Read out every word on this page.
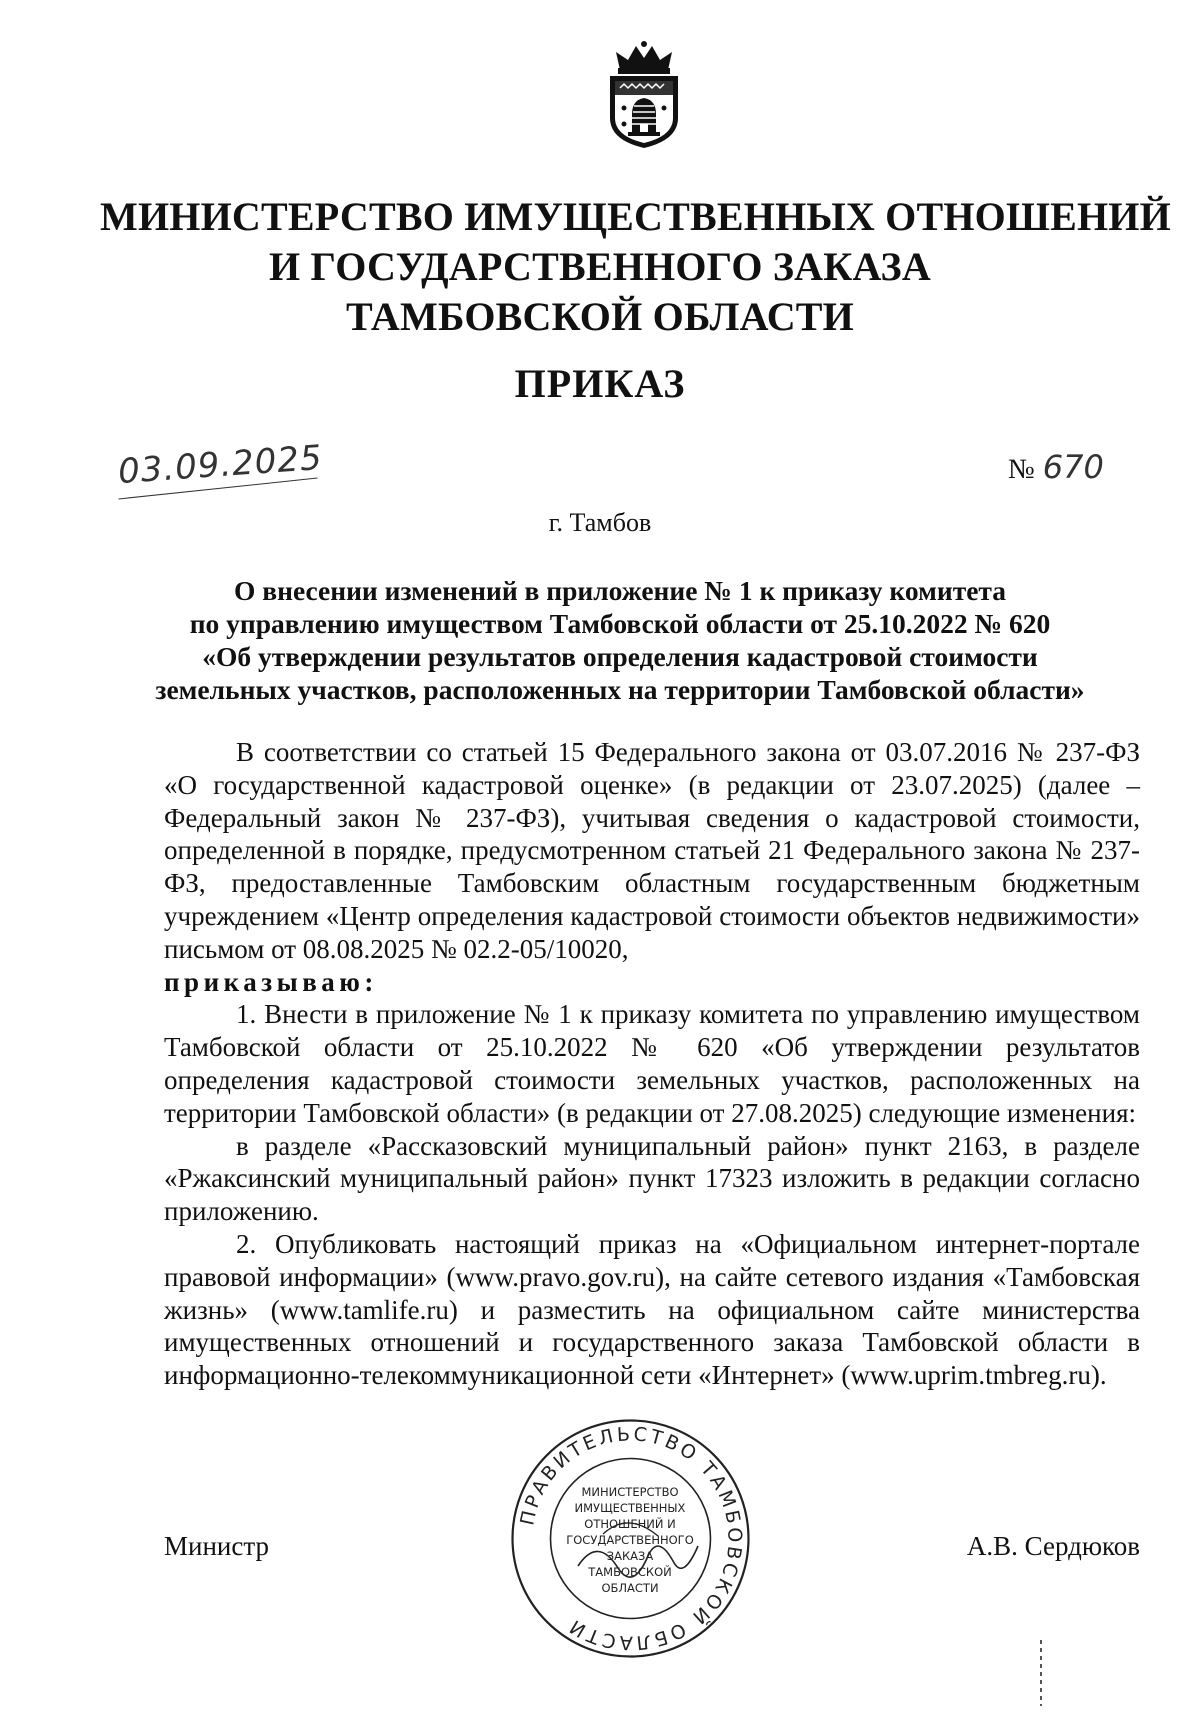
МИНИСТЕРСТВО ИМУЩЕСТВЕННЫХ ОТНОШЕНИЙ
И ГОСУДАРСТВЕННОГО ЗАКАЗА
ТАМБОВСКОЙ ОБЛАСТИ
ПРИКАЗ
03.09.2025	№ 670
г. Тамбов
О внесении изменений в приложение № 1 к приказу комитета
по управлению имуществом Тамбовской области от 25.10.2022 № 620
«Об утверждении результатов определения кадастровой стоимости
земельных участков, расположенных на территории Тамбовской области»

В соответствии со статьей 15 Федерального закона от 03.07.2016 № 237-ФЗ «О государственной кадастровой оценке» (в редакции от 23.07.2025) (далее – Федеральный закон № 237-ФЗ), учитывая сведения о кадастровой стоимости, определенной в порядке, предусмотренном статьей 21 Федерального закона № 237-ФЗ, предоставленные Тамбовским областным государственным бюджетным учреждением «Центр определения кадастровой стоимости объектов недвижимости» письмом от 08.08.2025 № 02.2-05/10020,

приказываю:

1. Внести в приложение № 1 к приказу комитета по управлению имуществом Тамбовской области от 25.10.2022 № 620 «Об утверждении результатов определения кадастровой стоимости земельных участков, расположенных на территории Тамбовской области» (в редакции от 27.08.2025) следующие изменения:

в разделе «Рассказовский муниципальный район» пункт 2163, в разделе «Ржаксинский муниципальный район» пункт 17323 изложить в редакции согласно приложению.

2. Опубликовать настоящий приказ на «Официальном интернет-портале правовой информации» (www.pravo.gov.ru), на сайте сетевого издания «Тамбовская жизнь» (www.tamlife.ru) и разместить на официальном сайте министерства имущественных отношений и государственного заказа Тамбовской области в информационно-телекоммуникационной сети «Интернет» (www.uprim.tmbreg.ru).

ПРАВИТЕЛЬСТВО ТАМБОВСКОЙ ОБЛАСТИ
МИНИСТЕРСТВО
ИМУЩЕСТВЕННЫХ
ОТНОШЕНИЙ И
ГОСУДАРСТВЕННОГО
ЗАКАЗА
ТАМБОВСКОЙ
ОБЛАСТИ
Министр	А.В. Сердюков
